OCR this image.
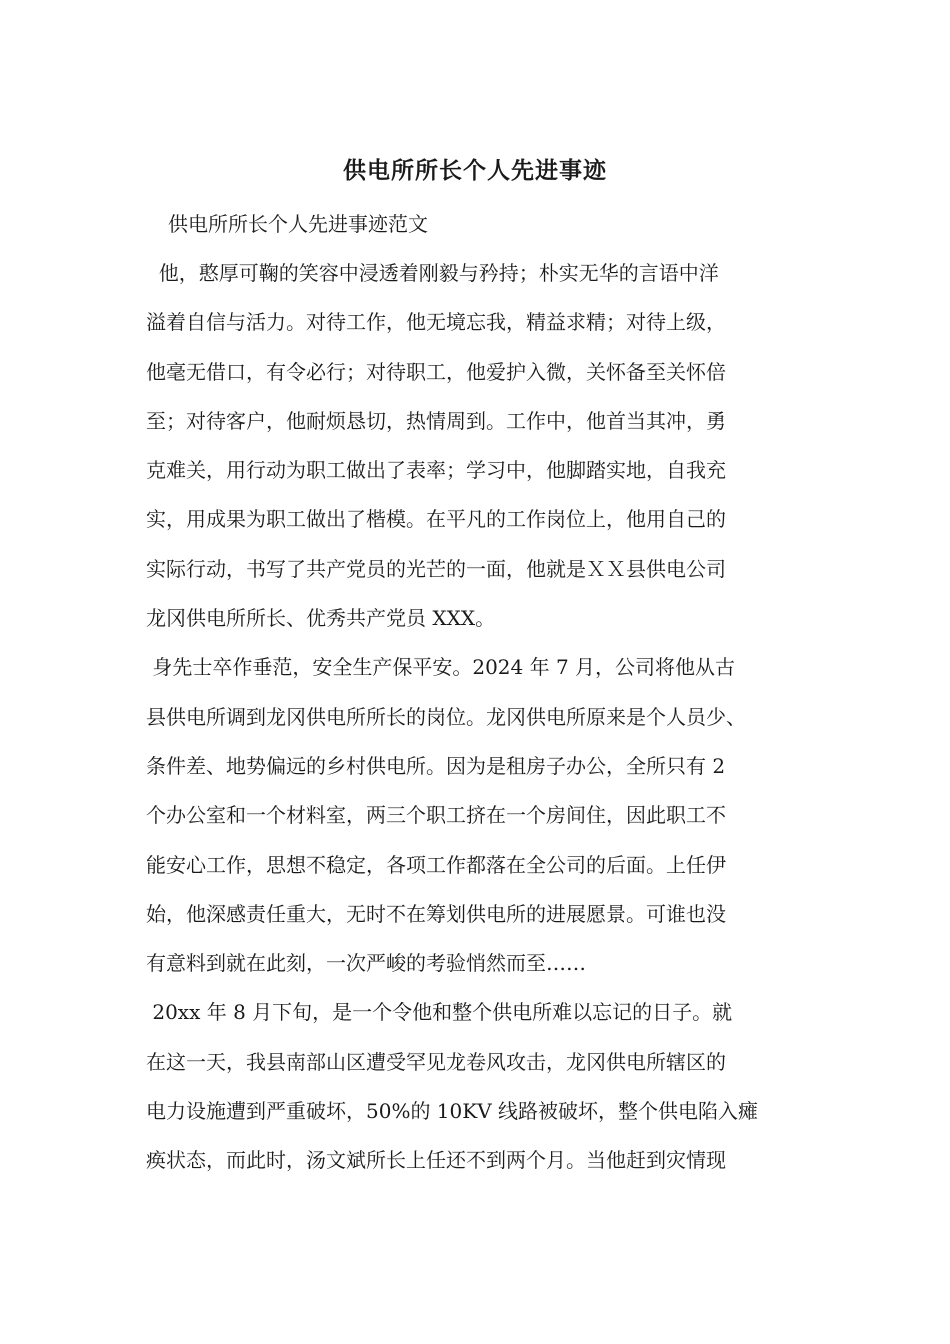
供电所所长个人先进事迹
供电所所长个人先进事迹范文
他，憨厚可鞠的笑容中浸透着刚毅与矜持；朴实无华的言语中洋
溢着自信与活力。对待工作，他无境忘我，精益求精；对待上级，
他毫无借口，有令必行；对待职工，他爱护入微，关怀备至关怀倍
至；对待客户，他耐烦恳切，热情周到。工作中，他首当其冲，勇
克难关，用行动为职工做出了表率；学习中，他脚踏实地，自我充
实，用成果为职工做出了楷模。在平凡的工作岗位上，他用自己的
实际行动，书写了共产党员的光芒的一面，他就是ＸＸ县供电公司
龙冈供电所所长、优秀共产党员 XXX。
身先士卒作垂范，安全生产保平安。2024 年 7 月，公司将他从古
县供电所调到龙冈供电所所长的岗位。龙冈供电所原来是个人员少、
条件差、地势偏远的乡村供电所。因为是租房子办公，全所只有 2
个办公室和一个材料室，两三个职工挤在一个房间住，因此职工不
能安心工作，思想不稳定，各项工作都落在全公司的后面。上任伊
始，他深感责任重大，无时不在筹划供电所的进展愿景。可谁也没
有意料到就在此刻，一次严峻的考验悄然而至……
20xx 年 8 月下旬，是一个令他和整个供电所难以忘记的日子。就
在这一天，我县南部山区遭受罕见龙卷风攻击，龙冈供电所辖区的
电力设施遭到严重破坏，50%的 10KV 线路被破坏，整个供电陷入瘫
痪状态，而此时，汤文斌所长上任还不到两个月。当他赶到灾情现
